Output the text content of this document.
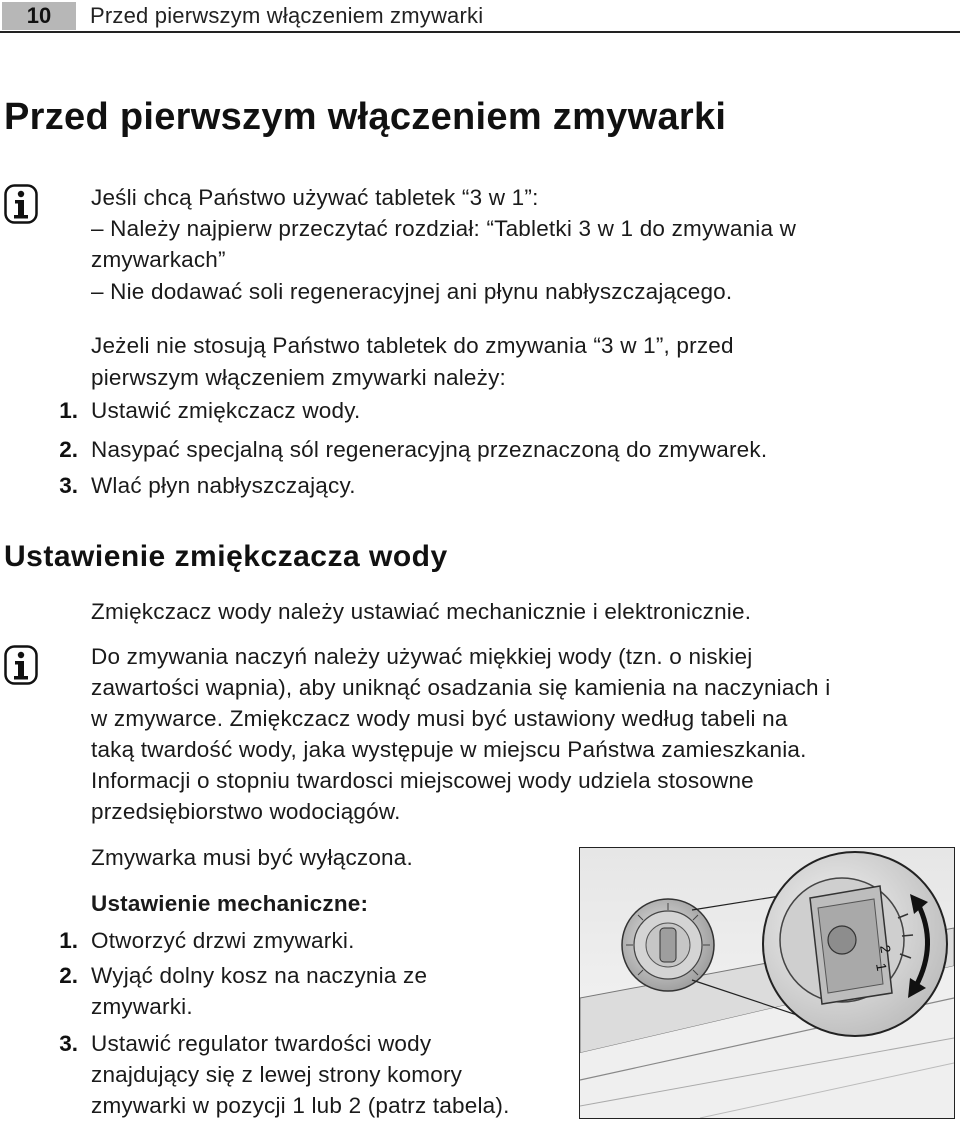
10	Przed pierwszym włączeniem zmywarki
Przed pierwszym włączeniem zmywarki
Jeśli chcą Państwo używać tabletek “3 w 1”:
– Należy najpierw przeczytać rozdział: “Tabletki 3 w 1 do zmywania w
zmywarkach”
– Nie dodawać soli regeneracyjnej ani płynu nabłyszczającego.
Jeżeli nie stosują Państwo tabletek do zmywania “3 w 1”, przed
pierwszym włączeniem zmywarki należy:
1. Ustawić zmiękczacz wody.
2. Nasypać specjalną sól regeneracyjną przeznaczoną do zmywarek.
3. Wlać płyn nabłyszczający.
Ustawienie zmiękczacza wody
Zmiękczacz wody należy ustawiać mechanicznie i elektronicznie.
Do zmywania naczyń należy używać miękkiej wody (tzn. o niskiej
zawartości wapnia), aby uniknąć osadzania się kamienia na naczyniach i
w zmywarce. Zmiękczacz wody musi być ustawiony według tabeli na
taką twardość wody, jaka występuje w miejscu Państwa zamieszkania.
Informacji o stopniu twardosci miejscowej wody udziela stosowne
przedsiębiorstwo wodociągów.
Zmywarka musi być wyłączona.
Ustawienie mechaniczne:
1. Otworzyć drzwi zmywarki.
2. Wyjąć dolny kosz na naczynia ze
zmywarki.
3. Ustawić regulator twardości wody
znajdujący się z lewej strony komory
zmywarki w pozycji 1 lub 2 (patrz tabela).
2
1
